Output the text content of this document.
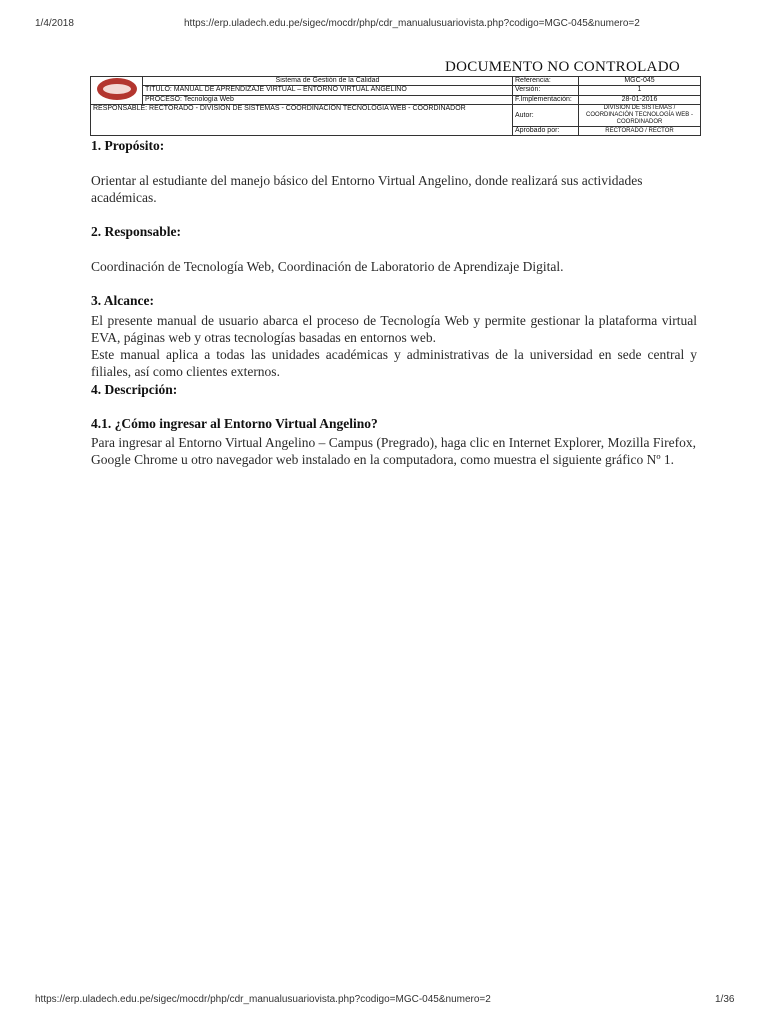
1/4/2018	https://erp.uladech.edu.pe/sigec/mocdr/php/cdr_manualusuariovista.php?codigo=MGC-045&numero=2
DOCUMENTO NO CONTROLADO
	Sistema de Gestión de la Calidad	Referencia:	MGC-045
	TITULO: MANUAL DE APRENDIZAJE VIRTUAL – ENTORNO VIRTUAL ANGELINO	Versión:	1
	PROCESO: Tecnología Web	F.Implementación:	28-01-2016
RESPONSABLE: RECTORADO - DIVISIÓN DE SISTEMAS - COORDINACIÓN TECNOLOGÍA WEB - COORDINADOR		Autor:	DIVISIÓN DE SISTEMAS / COORDINACIÓN TECNOLOGÍA WEB - COORDINADOR
		Aprobado por:	RECTORADO / RECTOR
1. Propósito:
Orientar al estudiante del manejo básico del Entorno Virtual Angelino, donde realizará sus actividades académicas.
2. Responsable:
Coordinación de Tecnología Web, Coordinación de Laboratorio de Aprendizaje Digital.
3. Alcance:
El presente manual de usuario abarca el proceso de Tecnología Web y permite gestionar la plataforma virtual EVA, páginas web y otras tecnologías basadas en entornos web.
Este manual aplica a todas las unidades académicas y administrativas de la universidad en sede central y filiales, así como clientes externos.
4. Descripción:
4.1. ¿Cómo ingresar al Entorno Virtual Angelino?
Para ingresar al Entorno Virtual Angelino – Campus (Pregrado), haga clic en Internet Explorer, Mozilla Firefox, Google Chrome u otro navegador web instalado en la computadora, como muestra el siguiente gráfico Nº 1.
https://erp.uladech.edu.pe/sigec/mocdr/php/cdr_manualusuariovista.php?codigo=MGC-045&numero=2	1/36
